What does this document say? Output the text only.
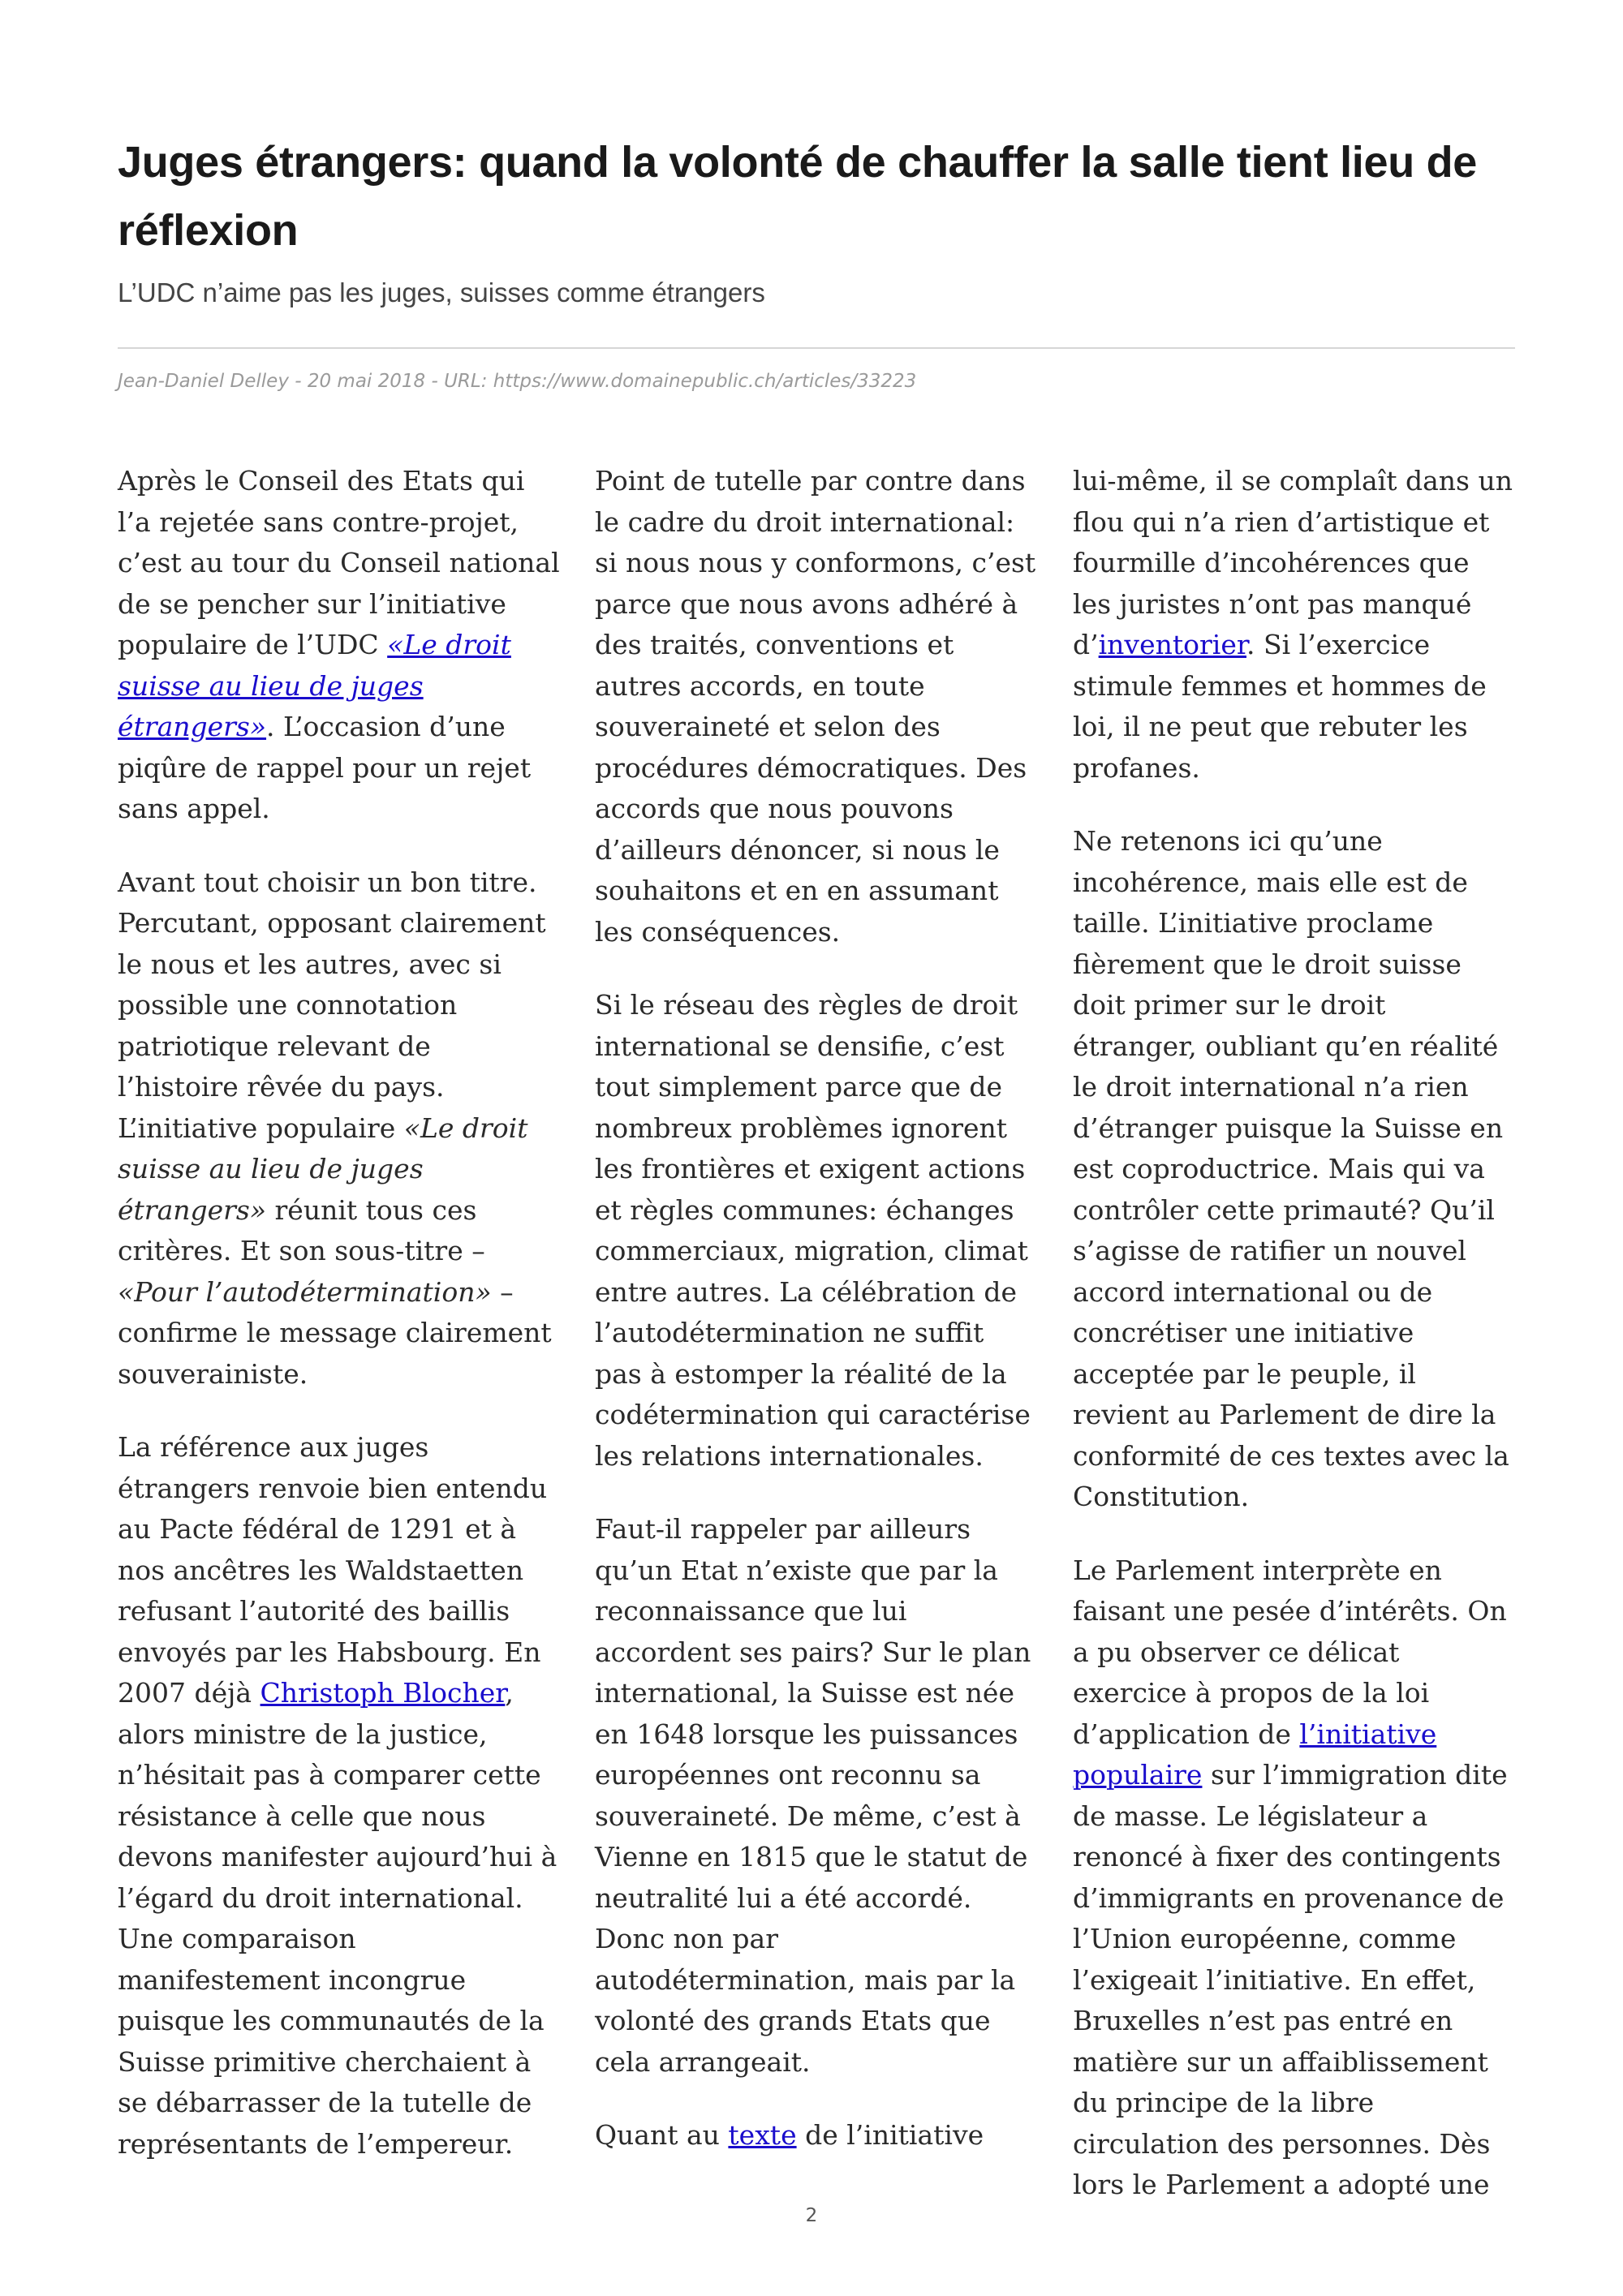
Juges étrangers: quand la volonté de chauffer la salle tient lieu de réflexion

L’UDC n’aime pas les juges, suisses comme étrangers

Jean-Daniel Delley - 20 mai 2018 - URL: https://www.domainepublic.ch/articles/33223

Après le Conseil des Etats qui l’a rejetée sans contre-projet, c’est au tour du Conseil national de se pencher sur l’initiative populaire de l’UDC «Le droit suisse au lieu de juges étrangers». L’occasion d’une piqûre de rappel pour un rejet sans appel.

Avant tout choisir un bon titre. Percutant, opposant clairement le nous et les autres, avec si possible une connotation patriotique relevant de l’histoire rêvée du pays. L’initiative populaire «Le droit suisse au lieu de juges étrangers» réunit tous ces critères. Et son sous-titre – «Pour l’autodétermination» – confirme le message clairement souverainiste.

La référence aux juges étrangers renvoie bien entendu au Pacte fédéral de 1291 et à nos ancêtres les Waldstaetten refusant l’autorité des baillis envoyés par les Habsbourg. En 2007 déjà Christoph Blocher, alors ministre de la justice, n’hésitait pas à comparer cette résistance à celle que nous devons manifester aujourd’hui à l’égard du droit international. Une comparaison manifestement incongrue puisque les communautés de la Suisse primitive cherchaient à se débarrasser de la tutelle de représentants de l’empereur.

Point de tutelle par contre dans le cadre du droit international: si nous nous y conformons, c’est parce que nous avons adhéré à des traités, conventions et autres accords, en toute souveraineté et selon des procédures démocratiques. Des accords que nous pouvons d’ailleurs dénoncer, si nous le souhaitons et en en assumant les conséquences.

Si le réseau des règles de droit international se densifie, c’est tout simplement parce que de nombreux problèmes ignorent les frontières et exigent actions et règles communes: échanges commerciaux, migration, climat entre autres. La célébration de l’autodétermination ne suffit pas à estomper la réalité de la codétermination qui caractérise les relations internationales.

Faut-il rappeler par ailleurs qu’un Etat n’existe que par la reconnaissance que lui accordent ses pairs? Sur le plan international, la Suisse est née en 1648 lorsque les puissances européennes ont reconnu sa souveraineté. De même, c’est à Vienne en 1815 que le statut de neutralité lui a été accordé. Donc non par autodétermination, mais par la volonté des grands Etats que cela arrangeait.

Quant au texte de l’initiative

lui-même, il se complaît dans un flou qui n’a rien d’artistique et fourmille d’incohérences que les juristes n’ont pas manqué d’inventorier. Si l’exercice stimule femmes et hommes de loi, il ne peut que rebuter les profanes.

Ne retenons ici qu’une incohérence, mais elle est de taille. L’initiative proclame fièrement que le droit suisse doit primer sur le droit étranger, oubliant qu’en réalité le droit international n’a rien d’étranger puisque la Suisse en est coproductrice. Mais qui va contrôler cette primauté? Qu’il s’agisse de ratifier un nouvel accord international ou de concrétiser une initiative acceptée par le peuple, il revient au Parlement de dire la conformité de ces textes avec la Constitution.

Le Parlement interprète en faisant une pesée d’intérêts. On a pu observer ce délicat exercice à propos de la loi d’application de l’initiative populaire sur l’immigration dite de masse. Le législateur a renoncé à fixer des contingents d’immigrants en provenance de l’Union européenne, comme l’exigeait l’initiative. En effet, Bruxelles n’est pas entré en matière sur un affaiblissement du principe de la libre circulation des personnes. Dès lors le Parlement a adopté une

2
